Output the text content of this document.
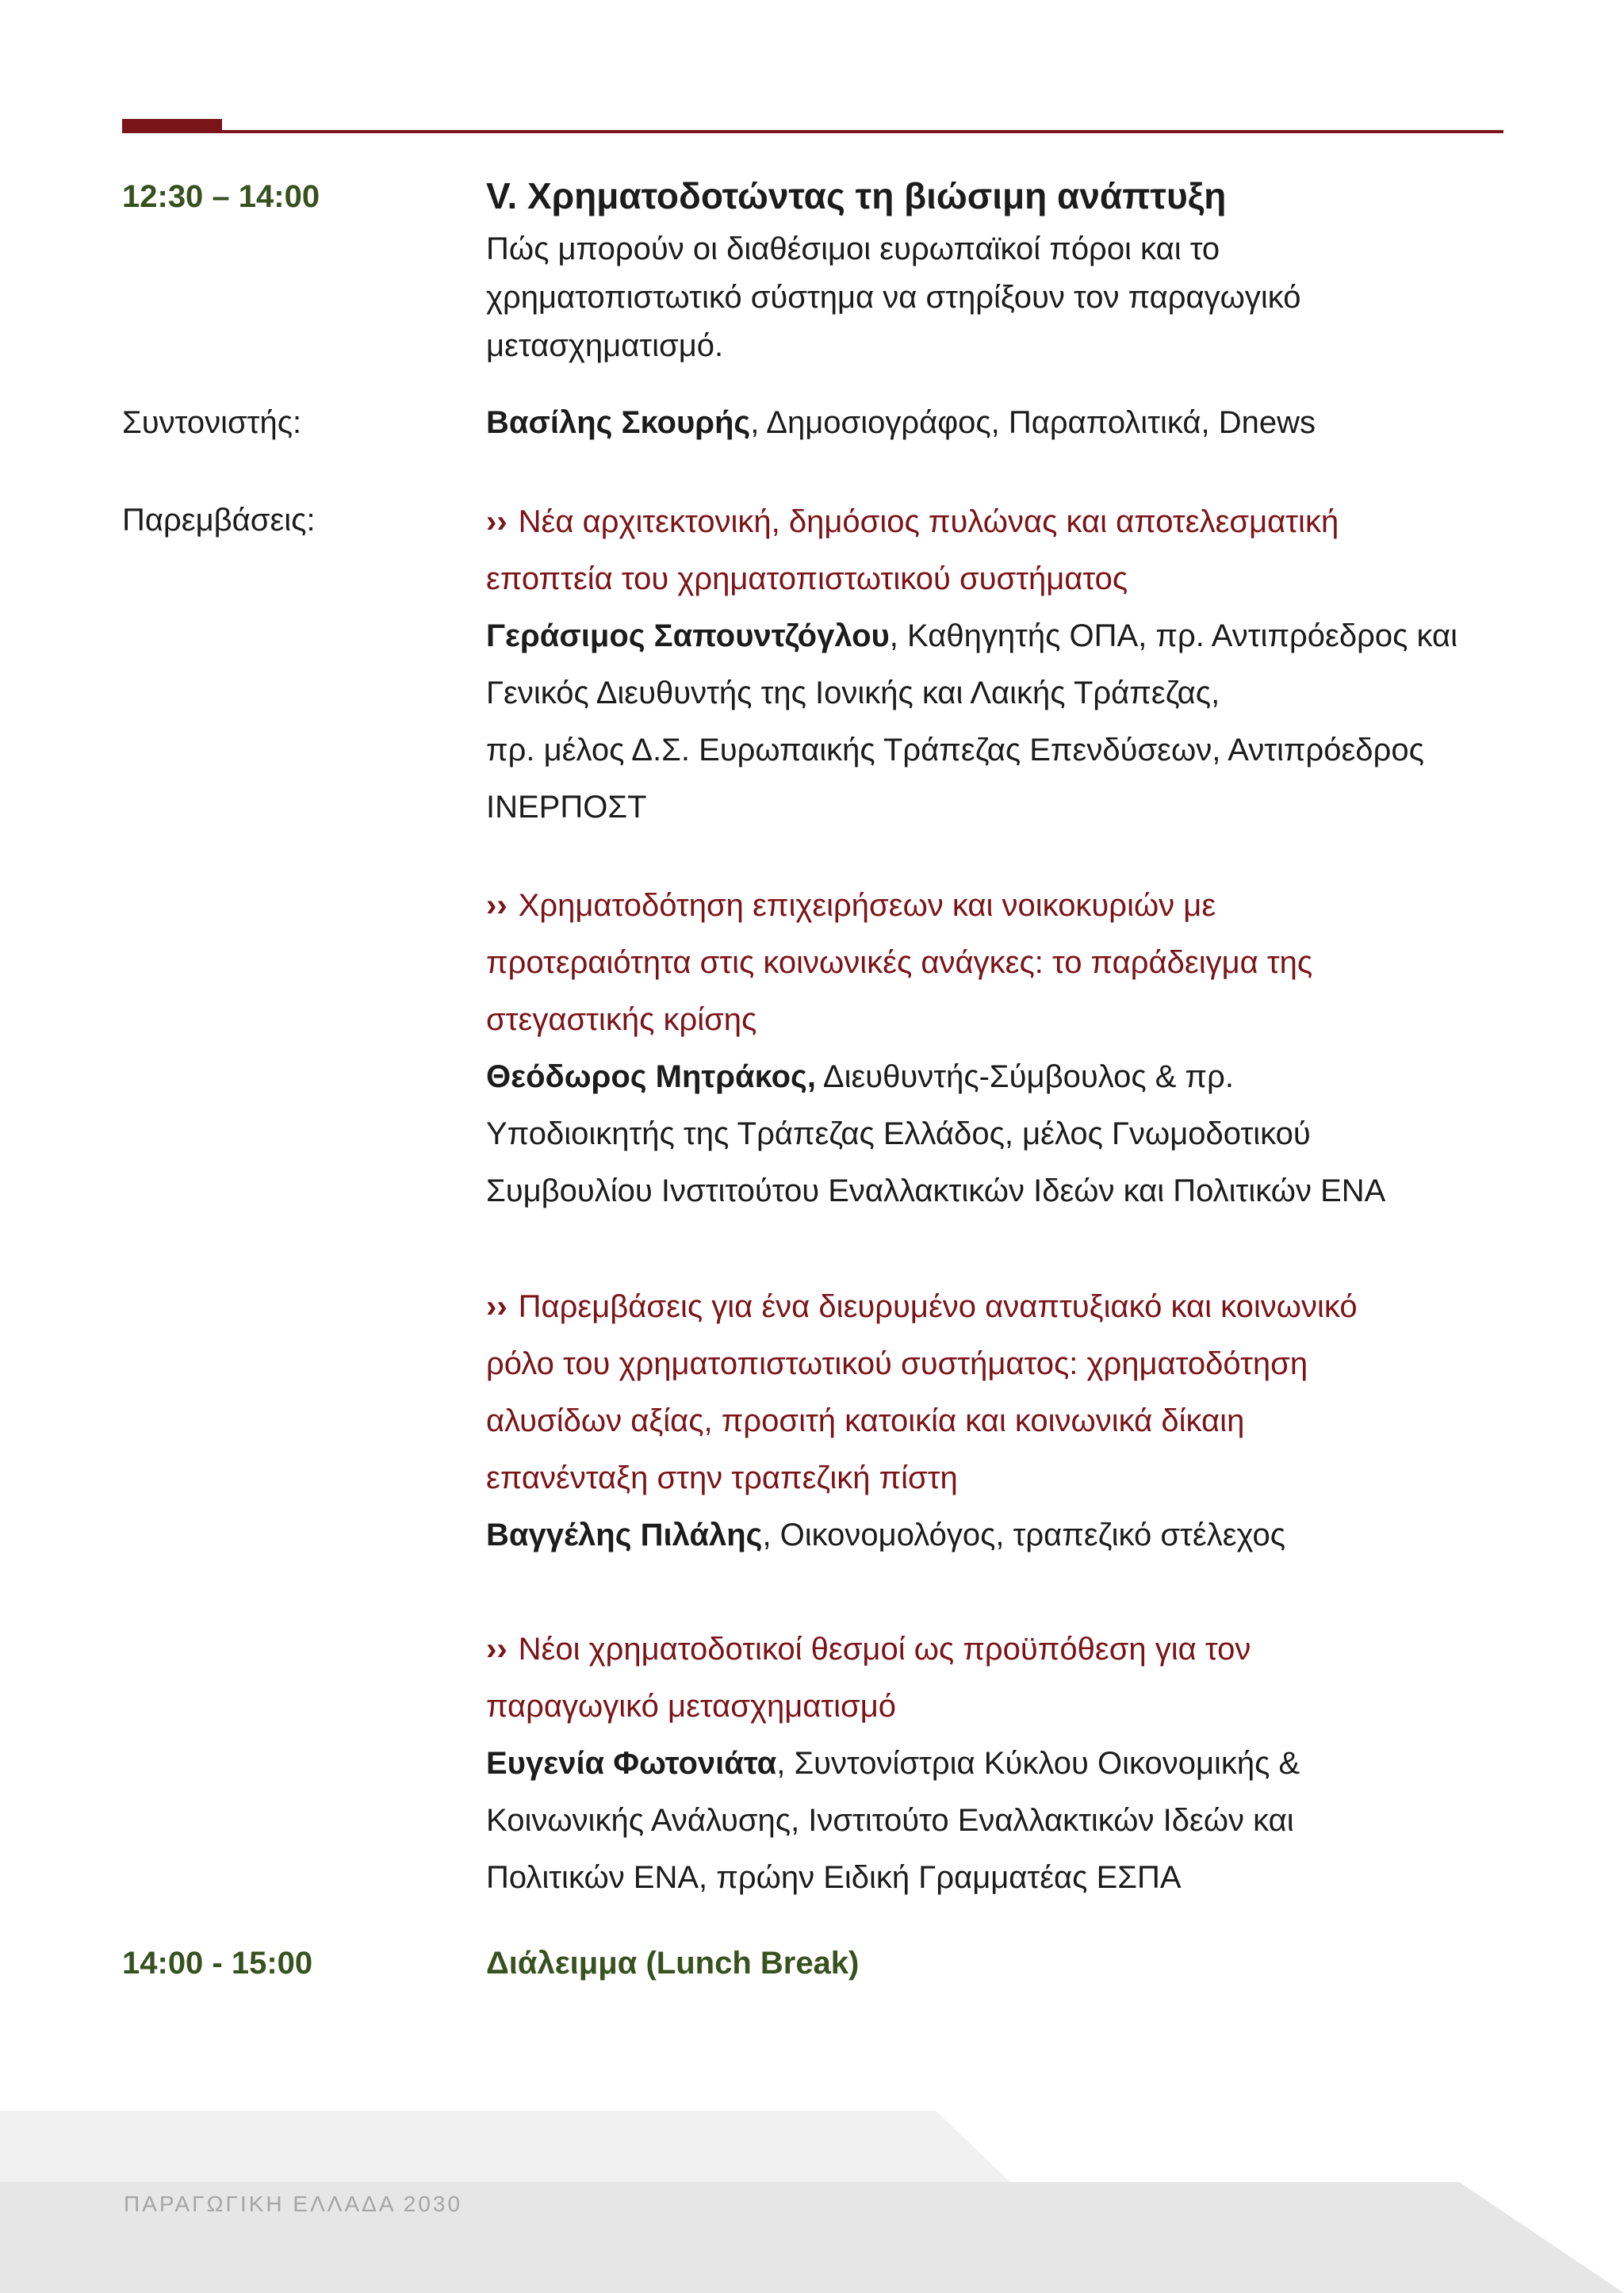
12:30 – 14:00	V. Χρηματοδοτώντας τη βιώσιμη ανάπτυξη
Πώς μπορούν οι διαθέσιμοι ευρωπαϊκοί πόροι και το
χρηματοπιστωτικό σύστημα να στηρίξουν τον παραγωγικό
μετασχηματισμό.
Συντονιστής:	Βασίλης Σκουρής, Δημοσιογράφος, Παραπολιτικά, Dnews
Παρεμβάσεις:	›› Νέα αρχιτεκτονική, δημόσιος πυλώνας και αποτελεσματική
εποπτεία του χρηματοπιστωτικού συστήματος
Γεράσιμος Σαπουντζόγλου, Καθηγητής ΟΠΑ, πρ. Αντιπρόεδρος και
Γενικός Διευθυντής της Ιονικής και Λαικής Τράπεζας,
πρ. μέλος Δ.Σ. Ευρωπαικής Τράπεζας Επενδύσεων, Αντιπρόεδρος
ΙΝΕΡΠΟΣΤ
›› Χρηματοδότηση επιχειρήσεων και νοικοκυριών με
προτεραιότητα στις κοινωνικές ανάγκες: το παράδειγμα της
στεγαστικής κρίσης
Θεόδωρος Μητράκος, Διευθυντής-Σύμβουλος & πρ.
Υποδιοικητής της Τράπεζας Ελλάδος, μέλος Γνωμοδοτικού
Συμβουλίου Ινστιτούτου Εναλλακτικών Ιδεών και Πολιτικών ΕΝΑ
›› Παρεμβάσεις για ένα διευρυμένο αναπτυξιακό και κοινωνικό
ρόλο του χρηματοπιστωτικού συστήματος: χρηματοδότηση
αλυσίδων αξίας, προσιτή κατοικία και κοινωνικά δίκαιη
επανένταξη στην τραπεζική πίστη
Βαγγέλης Πιλάλης, Οικονομολόγος, τραπεζικό στέλεχος
›› Νέοι χρηματοδοτικοί θεσμοί ως προϋπόθεση για τον
παραγωγικό μετασχηματισμό
Ευγενία Φωτονιάτα, Συντονίστρια Κύκλου Οικονομικής &
Κοινωνικής Ανάλυσης, Ινστιτούτο Εναλλακτικών Ιδεών και
Πολιτικών ΕΝΑ, πρώην Ειδική Γραμματέας ΕΣΠΑ
14:00 - 15:00	Διάλειμμα (Lunch Break)
ΠΑΡΑΓΩΓΙΚΗ ΕΛΛΑΔΑ 2030
